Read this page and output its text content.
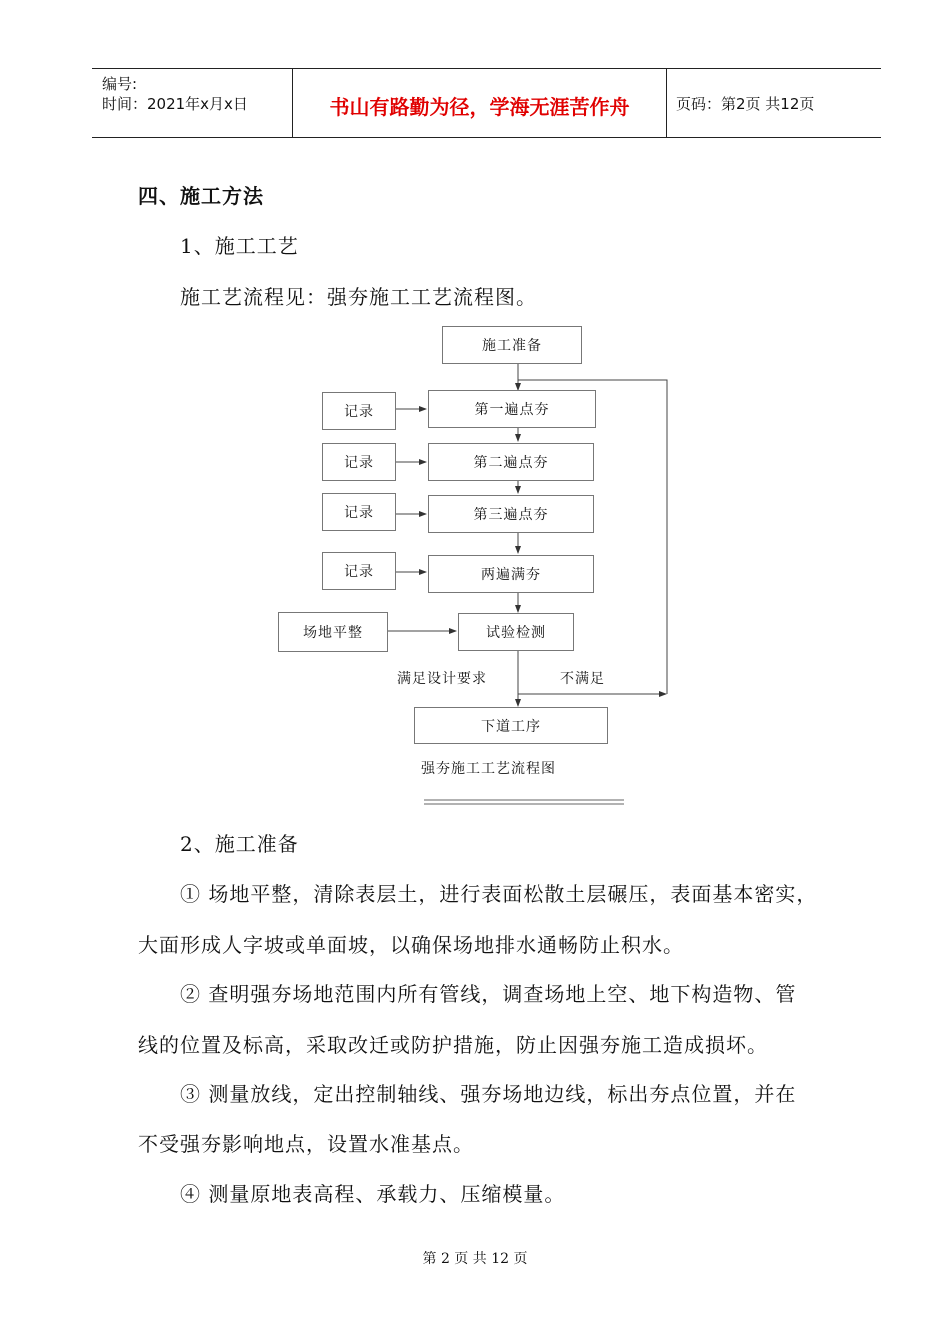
编号:
时间：2021年x月x日	书山有路勤为径，学海无涯苦作舟	页码：第2页 共12页
四、施工方法
1、施工工艺
施工艺流程见：强夯施工工艺流程图。
施工准备
记录	第一遍点夯
记录	第二遍点夯
记录	第三遍点夯
记录	两遍满夯
场地平整	试验检测
满足设计要求	不满足
下道工序
强夯施工工艺流程图
2、施工准备
① 场地平整，清除表层土，进行表面松散土层碾压，表面基本密实，
大面形成人字坡或单面坡，以确保场地排水通畅防止积水。
② 查明强夯场地范围内所有管线，调查场地上空、地下构造物、管
线的位置及标高，采取改迁或防护措施，防止因强夯施工造成损坏。
③ 测量放线，定出控制轴线、强夯场地边线，标出夯点位置，并在
不受强夯影响地点，设置水准基点。
④ 测量原地表高程、承载力、压缩模量。
第 2 页 共 12 页
